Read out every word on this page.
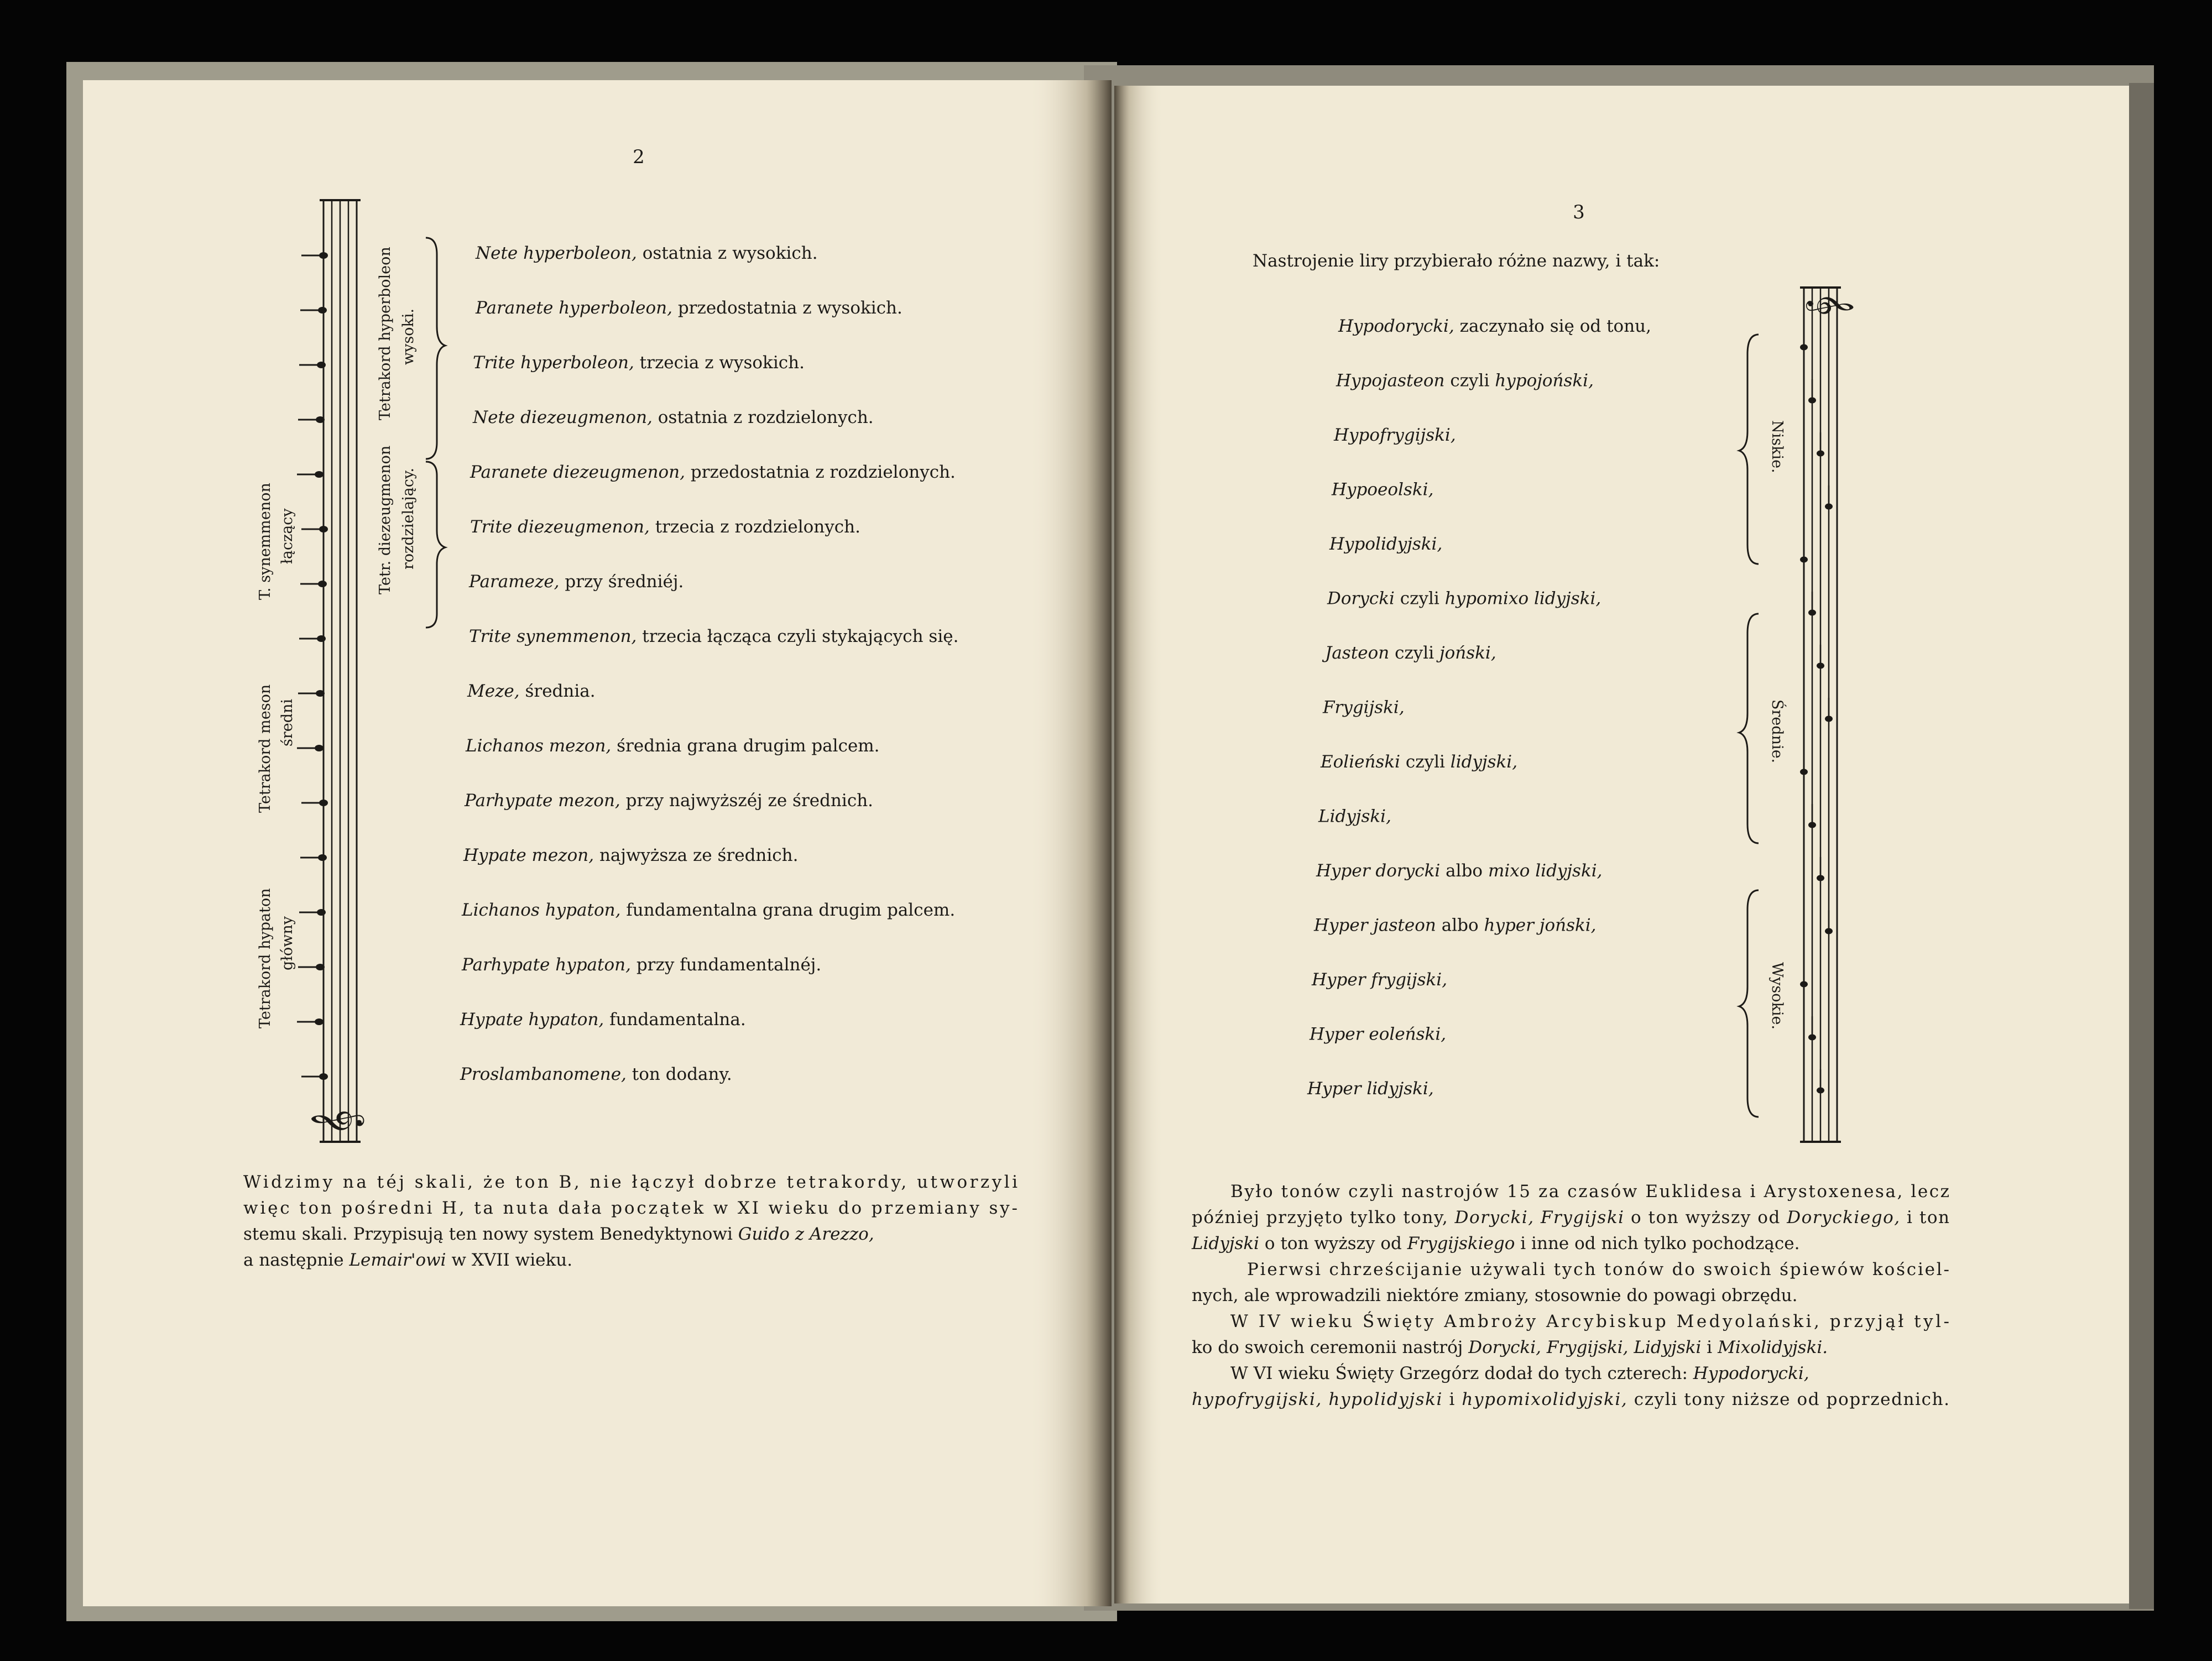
2
𝄞
Tetrakord hyperboleon wysoki.
Tetr. diezeugmenon rozdzielający.
T. synemmenon łączący
Tetrakord meson średni
Tetrakord hypaton główny
Nete hyperboleon, ostatnia z wysokich.
Paranete hyperboleon, przedostatnia z wysokich.
Trite hyperboleon, trzecia z wysokich.
Nete diezeugmenon, ostatnia z rozdzielonych.
Paranete diezeugmenon, przedostatnia z rozdzielonych.
Trite diezeugmenon, trzecia z rozdzielonych.
Parameze, przy średniéj.
Trite synemmenon, trzecia łącząca czyli stykających się.
Meze, średnia.
Lichanos mezon, średnia grana drugim palcem.
Parhypate mezon, przy najwyższéj ze średnich.
Hypate mezon, najwyższa ze średnich.
Lichanos hypaton, fundamentalna grana drugim palcem.
Parhypate hypaton, przy fundamentalnéj.
Hypate hypaton, fundamentalna.
Proslambanomene, ton dodany.
Widzimy na téj skali, że ton B, nie łączył dobrze tetrakordy, utworzyli
więc ton pośredni H, ta nuta dała początek w XI wieku do przemiany sy-
stemu skali. Przypisują ten nowy system Benedyktynowi Guido z Arezzo,
a następnie Lemair'owi w XVII wieku.
3
Nastrojenie liry przybierało różne nazwy, i tak:
Hypodorycki, zaczynało się od tonu,
Hypojasteon czyli hypojoński,
Hypofrygijski,
Hypoeolski,
Hypolidyjski,
Dorycki czyli hypomixo lidyjski,
Jasteon czyli joński,
Frygijski,
Eolieński czyli lidyjski,
Lidyjski,
Hyper dorycki albo mixo lidyjski,
Hyper jasteon albo hyper joński,
Hyper frygijski,
Hyper eoleński,
Hyper lidyjski,
Niskie.
Średnie.
Wysokie.
𝄞
Było tonów czyli nastrojów 15 za czasów Euklidesa i Arystoxenesa, lecz
później przyjęto tylko tony, Dorycki, Frygijski o ton wyższy od Doryckiego, i ton
Lidyjski o ton wyższy od Frygijskiego i inne od nich tylko pochodzące.
Pierwsi chrześcijanie używali tych tonów do swoich śpiewów kościel-
nych, ale wprowadzili niektóre zmiany, stosownie do powagi obrzędu.
W IV wieku Święty Ambroży Arcybiskup Medyolański, przyjął tyl-
ko do swoich ceremonii nastrój Dorycki, Frygijski, Lidyjski i Mixolidyjski.
W VI wieku Święty Grzegórz dodał do tych czterech: Hypodorycki,
hypofrygijski, hypolidyjski i hypomixolidyjski, czyli tony niższe od poprzednich.
